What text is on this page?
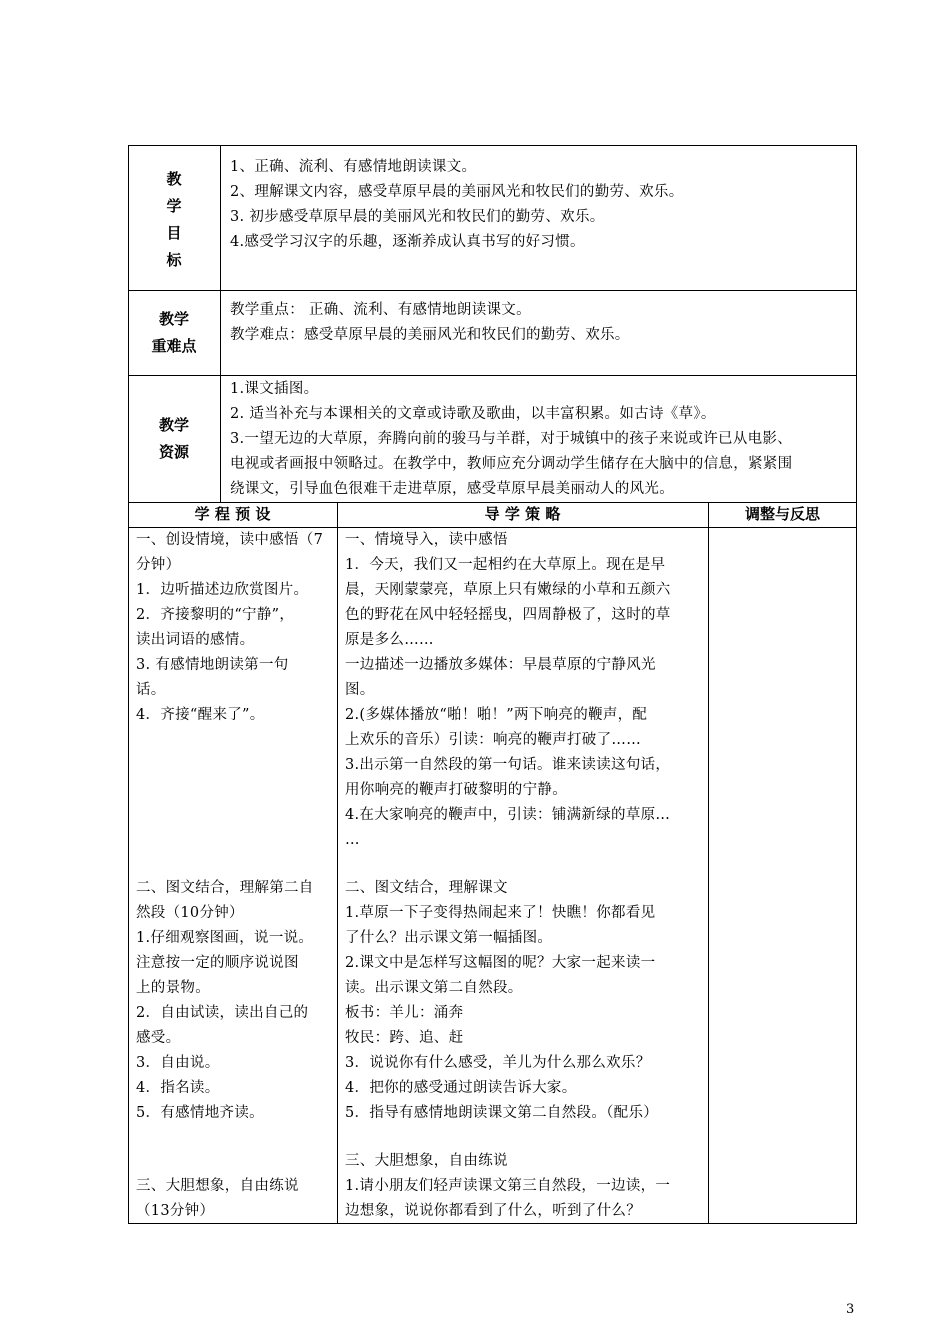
教
学
目
标
1、正确、流利、有感情地朗读课文。
2、理解课文内容，感受草原早晨的美丽风光和牧民们的勤劳、欢乐。
3. 初步感受草原早晨的美丽风光和牧民们的勤劳、欢乐。
4.感受学习汉字的乐趣，逐渐养成认真书写的好习惯。
教学
重难点
教学重点： 正确、流利、有感情地朗读课文。
教学难点：感受草原早晨的美丽风光和牧民们的勤劳、欢乐。
教学
资源
1.课文插图。
2. 适当补充与本课相关的文章或诗歌及歌曲，以丰富积累。如古诗《草》。
3.一望无边的大草原，奔腾向前的骏马与羊群，对于城镇中的孩子来说或许已从电影、
电视或者画报中领略过。在教学中，教师应充分调动学生储存在大脑中的信息，紧紧围
绕课文，引导血色很难干走进草原，感受草原早晨美丽动人的风光。
学 程 预 设	导 学 策 略	调整与反思
一、创设情境，读中感悟（7
分钟）
1．边听描述边欣赏图片。
2．齐接黎明的“宁静”，
读出词语的感情。
3. 有感情地朗读第一句
话。
4．齐接“醒来了”。
二、图文结合，理解第二自
然段（10分钟）
1.仔细观察图画，说一说。
注意按一定的顺序说说图
上的景物。
2．自由试读，读出自己的
感受。
3．自由说。
4．指名读。
5．有感情地齐读。
三、大胆想象，自由练说
（13分钟）
一、情境导入，读中感悟
1．今天，我们又一起相约在大草原上。现在是早
晨，天刚蒙蒙亮，草原上只有嫩绿的小草和五颜六
色的野花在风中轻轻摇曳，四周静极了，这时的草
原是多么……
一边描述一边播放多媒体：早晨草原的宁静风光
图。
2.(多媒体播放“啪！啪！”两下响亮的鞭声，配
上欢乐的音乐）引读：响亮的鞭声打破了……
3.出示第一自然段的第一句话。谁来读读这句话，
用你响亮的鞭声打破黎明的宁静。
4.在大家响亮的鞭声中，引读：铺满新绿的草原…
…
二、图文结合，理解课文
1.草原一下子变得热闹起来了！快瞧！你都看见
了什么？出示课文第一幅插图。
2.课文中是怎样写这幅图的呢？大家一起来读一
读。出示课文第二自然段。
板书：羊儿：涌奔
牧民：跨、追、赶
3．说说你有什么感受，羊儿为什么那么欢乐？
4．把你的感受通过朗读告诉大家。
5．指导有感情地朗读课文第二自然段。（配乐）
三、大胆想象，自由练说
1.请小朋友们轻声读课文第三自然段，一边读，一
边想象，说说你都看到了什么，听到了什么？
3
